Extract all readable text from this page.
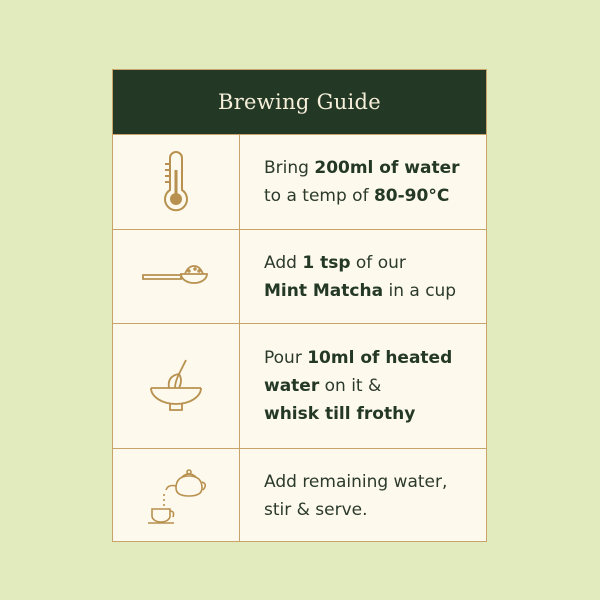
Brewing Guide
Bring 200ml of water
to a temp of 80-90°C
Add 1 tsp of our
Mint Matcha in a cup
Pour 10ml of heated
water on it &
whisk till frothy
Add remaining water,
stir & serve.
